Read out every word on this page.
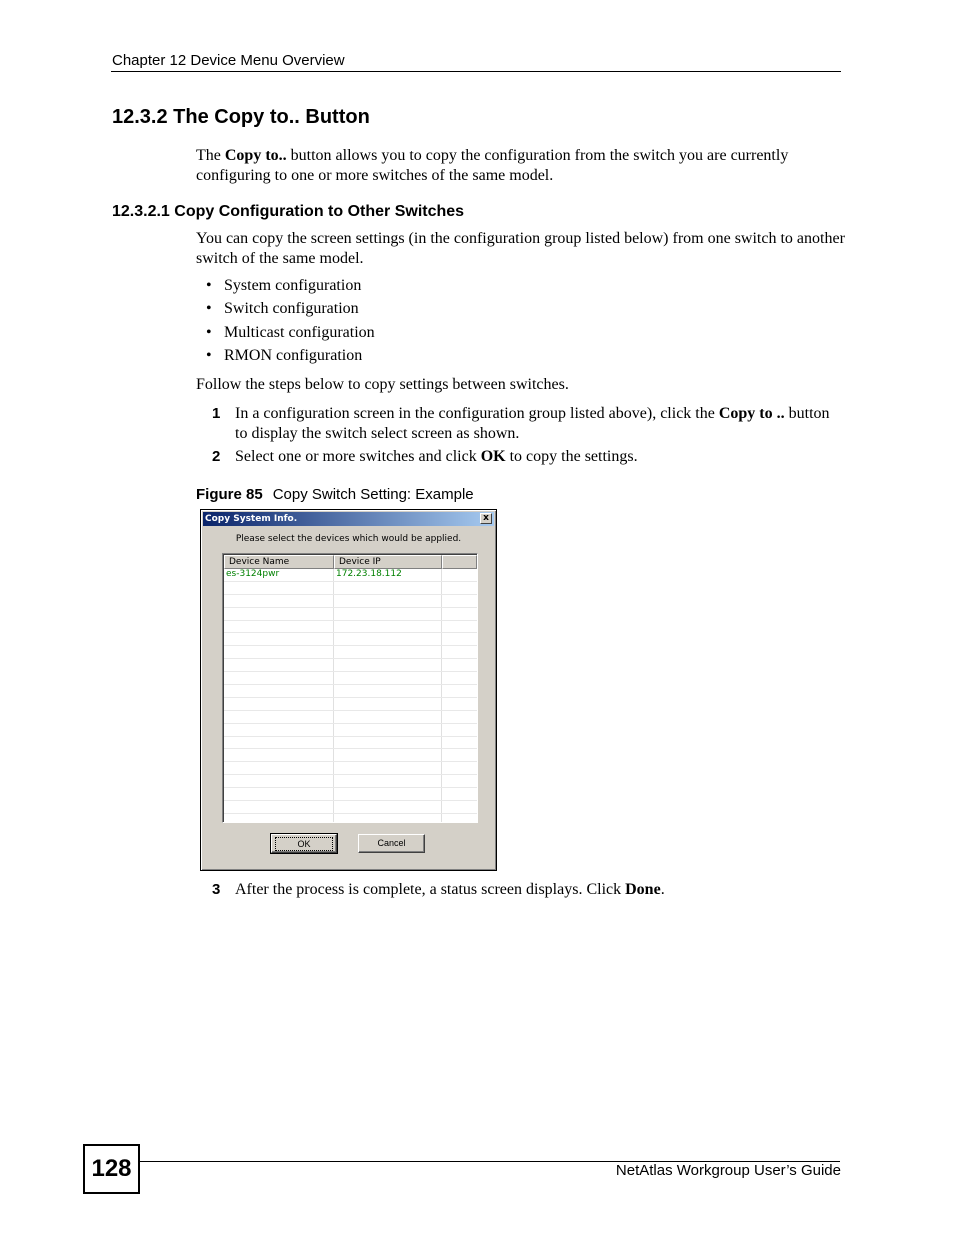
Chapter 12 Device Menu Overview
12.3.2 The Copy to.. Button
The Copy to.. button allows you to copy the configuration from the switch you are currently configuring to one or more switches of the same model.
12.3.2.1 Copy Configuration to Other Switches
You can copy the screen settings (in the configuration group listed below) from one switch to another switch of the same model.
• System configuration
• Switch configuration
• Multicast configuration
• RMON configuration
Follow the steps below to copy settings between switches.
1 In a configuration screen in the configuration group listed above), click the Copy to .. button to display the switch select screen as shown.
2 Select one or more switches and click OK to copy the settings.
Figure 85 Copy Switch Setting: Example
Copy System Info.	x
Please select the devices which would be applied.
Device Name	Device IP
es-3124pwr	172.23.18.112
OK	Cancel
3 After the process is complete, a status screen displays. Click Done.
128	NetAtlas Workgroup User’s Guide
